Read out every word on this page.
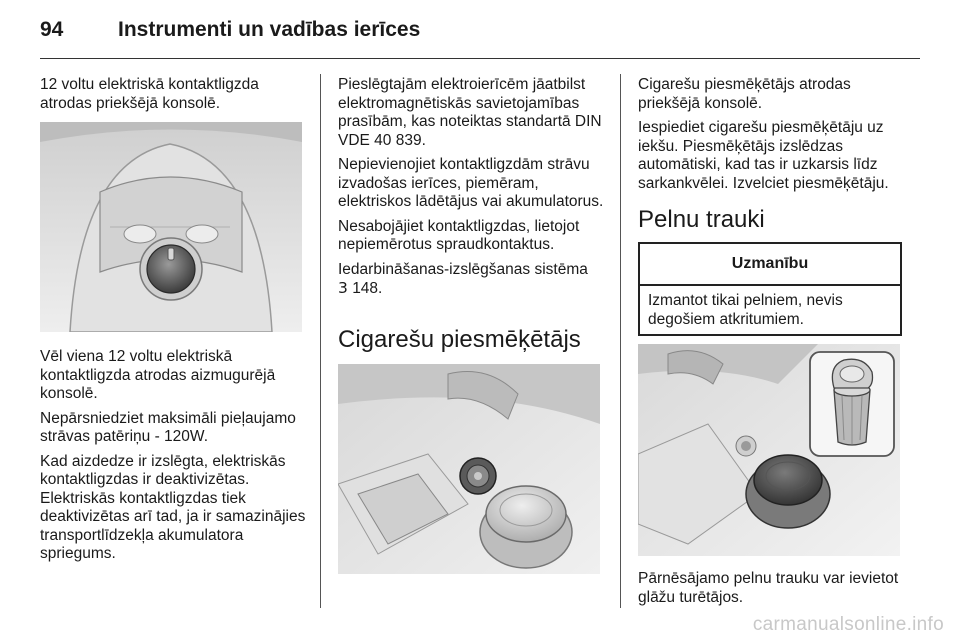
94	Instrumenti un vadības ierīces

12 voltu elektriskā kontaktligzda atrodas priekšējā konsolē.

Vēl viena 12 voltu elektriskā kontaktligzda atrodas aizmugurējā konsolē.

Nepārsniedziet maksimāli pieļaujamo strāvas patēriņu - 120W.

Kad aizdedze ir izslēgta, elektriskās kontaktligzdas ir deaktivizētas. Elektriskās kontaktligzdas tiek deaktivizētas arī tad, ja ir samazinājies transportlīdzekļa akumulatora spriegums.

Pieslēgtajām elektroierīcēm jāatbilst elektromagnētiskās savietojamības prasībām, kas noteiktas standartā DIN VDE 40 839.

Nepievienojiet kontaktligzdām strāvu izvadošas ierīces, piemēram, elektriskos lādētājus vai akumulatorus.

Nesabojājiet kontaktligzdas, lietojot nepiemērotus spraudkontaktus.

Iedarbināšanas-izslēgšanas sistēma
3 148.

Cigarešu piesmēķētājs

Cigarešu piesmēķētājs atrodas priekšējā konsolē.

Iespiediet cigarešu piesmēķētāju uz iekšu. Piesmēķētājs izslēdzas automātiski, kad tas ir uzkarsis līdz sarkankvēlei. Izvelciet piesmēķētāju.

Pelnu trauki
Uzmanību
Izmantot tikai pelniem, nevis degošiem atkritumiem.

Pārnēsājamo pelnu trauku var ievietot glāžu turētājos.

carmanualsonline.info
